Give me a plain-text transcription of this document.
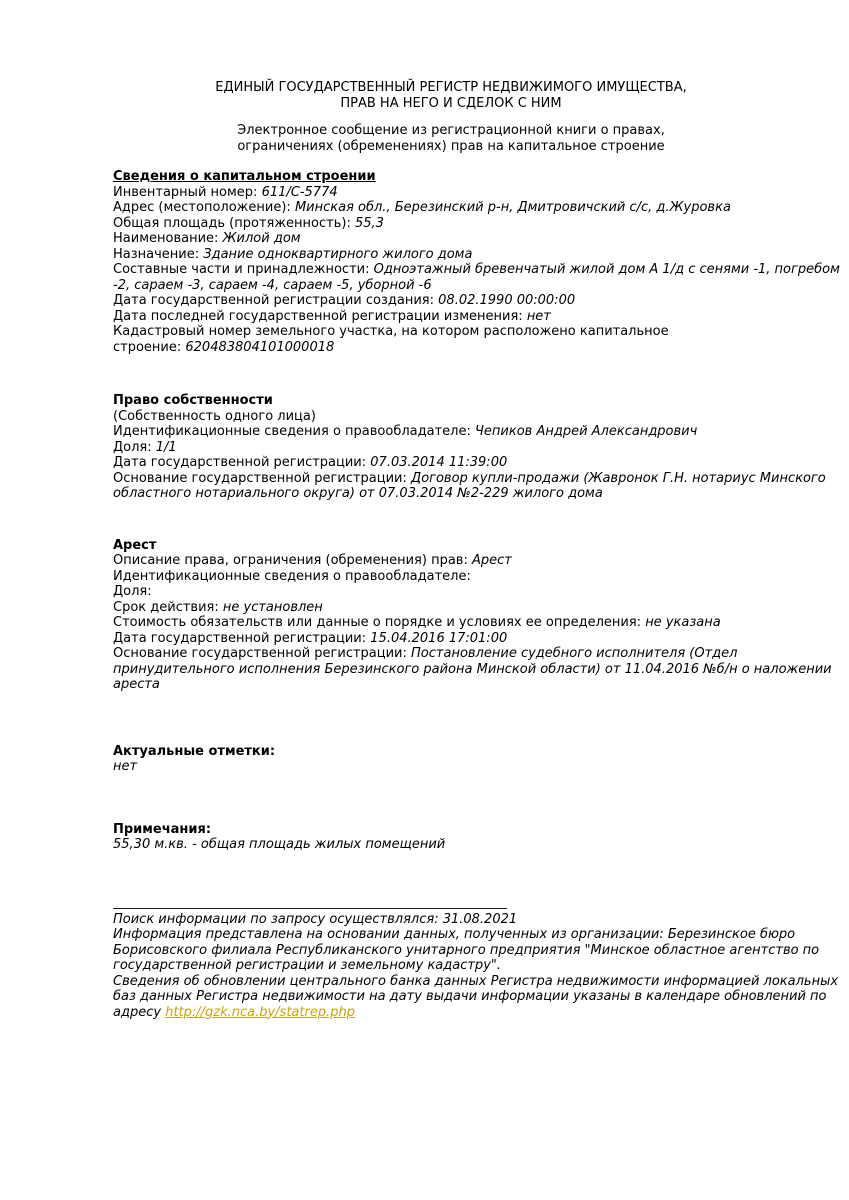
ЕДИНЫЙ ГОСУДАРСТВЕННЫЙ РЕГИСТР НЕДВИЖИМОГО ИМУЩЕСТВА,
ПРАВ НА НЕГО И СДЕЛОК С НИМ
Электронное сообщение из регистрационной книги о правах,
ограничениях (обременениях) прав на капитальное строение
Сведения о капитальном строении
Инвентарный номер: 611/С-5774
Адрес (местоположение): Минская обл., Березинский р-н, Дмитровичский с/с, д.Журовка
Общая площадь (протяженность): 55,3
Наименование: Жилой дом
Назначение: Здание одноквартирного жилого дома
Составные части и принадлежности: Одноэтажный бревенчатый жилой дом А 1/д с сенями -1, погребом
-2, сараем -3, сараем -4, сараем -5, уборной -6
Дата государственной регистрации создания: 08.02.1990 00:00:00
Дата последней государственной регистрации изменения: нет
Кадастровый номер земельного участка, на котором расположено капитальное
строение: 620483804101000018
Право собственности
(Собственность одного лица)
Идентификационные сведения о правообладателе: Чепиков Андрей Александрович
Доля: 1/1
Дата государственной регистрации: 07.03.2014 11:39:00
Основание государственной регистрации: Договор купли-продажи (Жавронок Г.Н. нотариус Минского
областного нотариального округа) от 07.03.2014 №2-229 жилого дома
Арест
Описание права, ограничения (обременения) прав: Арест
Идентификационные сведения о правообладателе:
Доля:
Срок действия: не установлен
Стоимость обязательств или данные о порядке и условиях ее определения: не указана
Дата государственной регистрации: 15.04.2016 17:01:00
Основание государственной регистрации: Постановление судебного исполнителя (Отдел
принудительного исполнения Березинского района Минской области) от 11.04.2016 №б/н о наложении
ареста
Актуальные отметки:
нет
Примечания:
55,30 м.кв. - общая площадь жилых помещений
Поиск информации по запросу осуществлялся: 31.08.2021
Информация представлена на основании данных, полученных из организации: Березинское бюро
Борисовского филиала Республиканского унитарного предприятия "Минское областное агентство по
государственной регистрации и земельному кадастру".
Сведения об обновлении центрального банка данных Регистра недвижимости информацией локальных
баз данных Регистра недвижимости на дату выдачи информации указаны в календаре обновлений по
адресу http://gzk.nca.by/statrep.php
